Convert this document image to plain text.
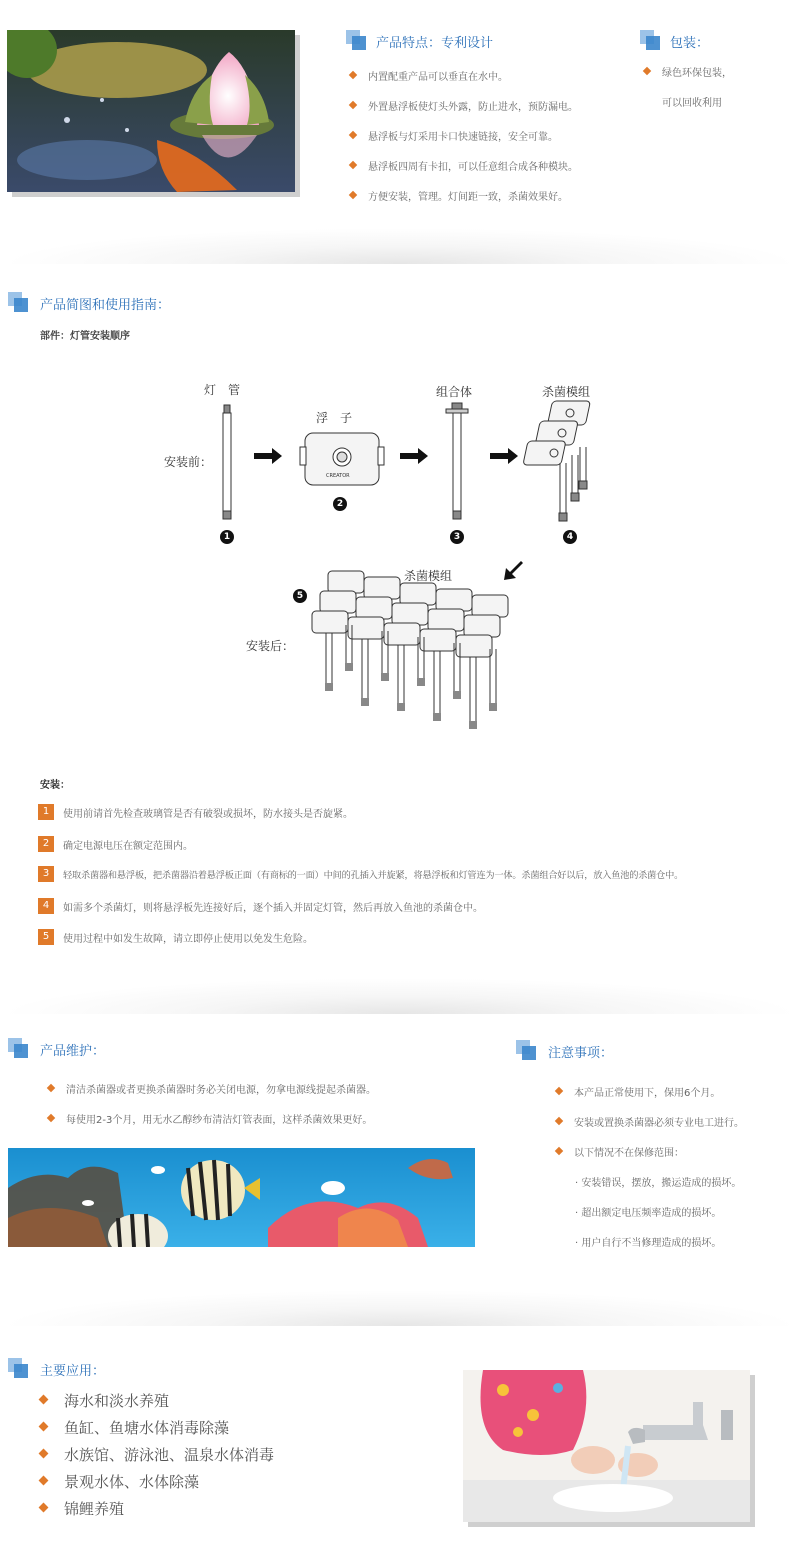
产品特点：专利设计
内置配重产品可以垂直在水中。
外置悬浮板使灯头外露，防止进水，预防漏电。
悬浮板与灯采用卡口快速链接，安全可靠。
悬浮板四周有卡扣，可以任意组合成各种模块。
方便安装，管理。灯间距一致，杀菌效果好。
包装：
绿色环保包装，
可以回收利用
产品简图和使用指南：
部件：灯管安装顺序
灯　管
浮　子
组合体	杀菌模组
安装前：
杀菌模组
安装后：
CREATOR
1
2
3	4
5
安装：
1	使用前请首先检查玻璃管是否有破裂或损坏，防水接头是否旋紧。
2	确定电源电压在额定范围内。
3	轻取杀菌器和悬浮板，把杀菌器沿着悬浮板正面（有商标的一面）中间的孔插入并旋紧，将悬浮板和灯管连为一体。杀菌组合好以后，放入鱼池的杀菌仓中。
4	如需多个杀菌灯，则将悬浮板先连接好后，逐个插入并固定灯管，然后再放入鱼池的杀菌仓中。
5	使用过程中如发生故障，请立即停止使用以免发生危险。
产品维护：
清洁杀菌器或者更换杀菌器时务必关闭电源，勿拿电源线提起杀菌器。
每使用2-3个月，用无水乙醇纱布清洁灯管表面，这样杀菌效果更好。
注意事项：
本产品正常使用下，保用6个月。
安装或置换杀菌器必须专业电工进行。
以下情况不在保修范围：
· 安装错误，摆放，搬运造成的损坏。
· 超出额定电压频率造成的损坏。
· 用户自行不当修理造成的损坏。
主要应用：
海水和淡水养殖
鱼缸、鱼塘水体消毒除藻
水族馆、游泳池、温泉水体消毒
景观水体、水体除藻
锦鲤养殖
